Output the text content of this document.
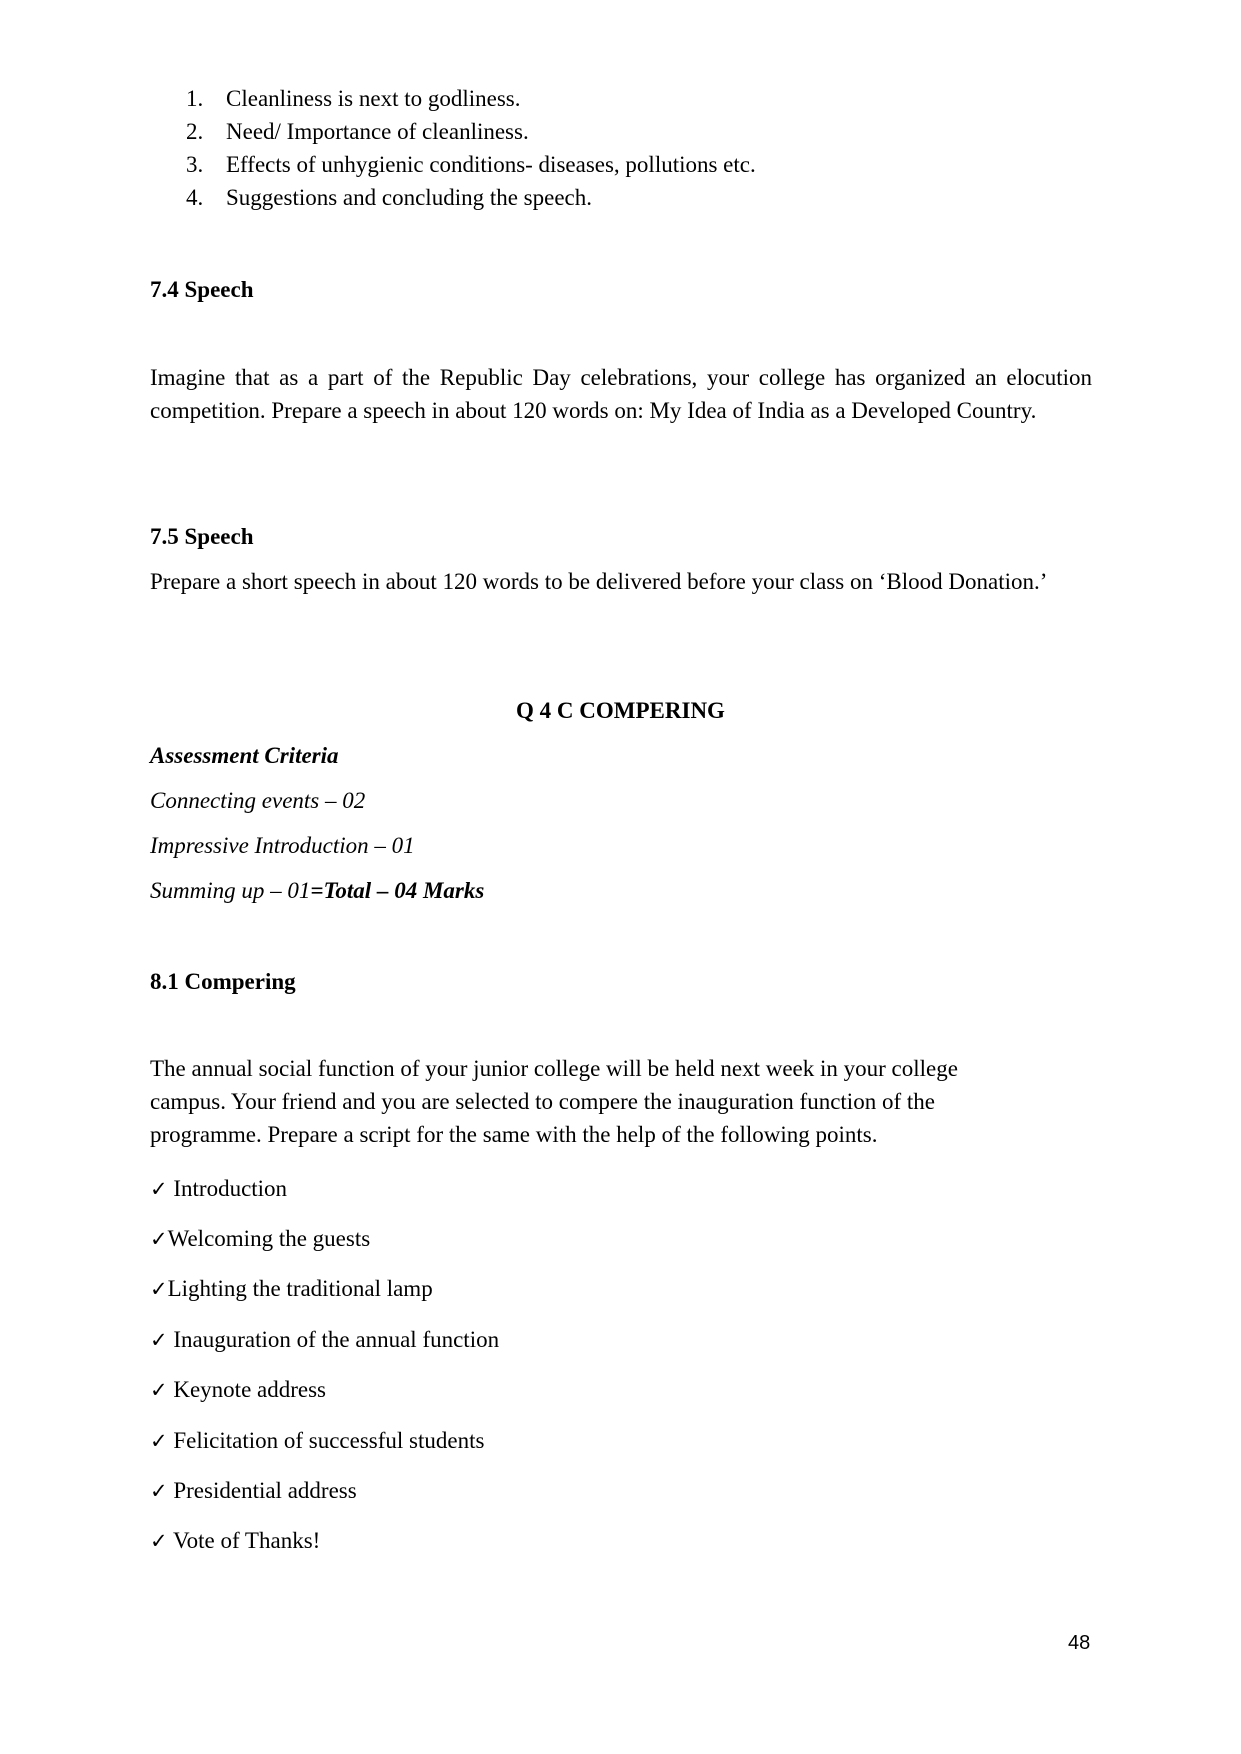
1. Cleanliness is next to godliness.
2. Need/ Importance of cleanliness.
3. Effects of unhygienic conditions- diseases, pollutions etc.
4. Suggestions and concluding the speech.
7.4 Speech

Imagine that as a part of the Republic Day celebrations, your college has organized an elocution competition. Prepare a speech in about 120 words on: My Idea of India as a Developed Country.

7.5 Speech

Prepare a short speech in about 120 words to be delivered before your class on ‘Blood Donation.’

Q 4 C COMPERING
Assessment Criteria
Connecting events – 02
Impressive Introduction – 01
Summing up – 01=Total – 04 Marks
8.1 Compering
The annual social function of your junior college will be held next week in your college
campus. Your friend and you are selected to compere the inauguration function of the
programme. Prepare a script for the same with the help of the following points.
✓ Introduction
✓Welcoming the guests
✓Lighting the traditional lamp
✓ Inauguration of the annual function
✓ Keynote address
✓ Felicitation of successful students
✓ Presidential address
✓ Vote of Thanks!
48
